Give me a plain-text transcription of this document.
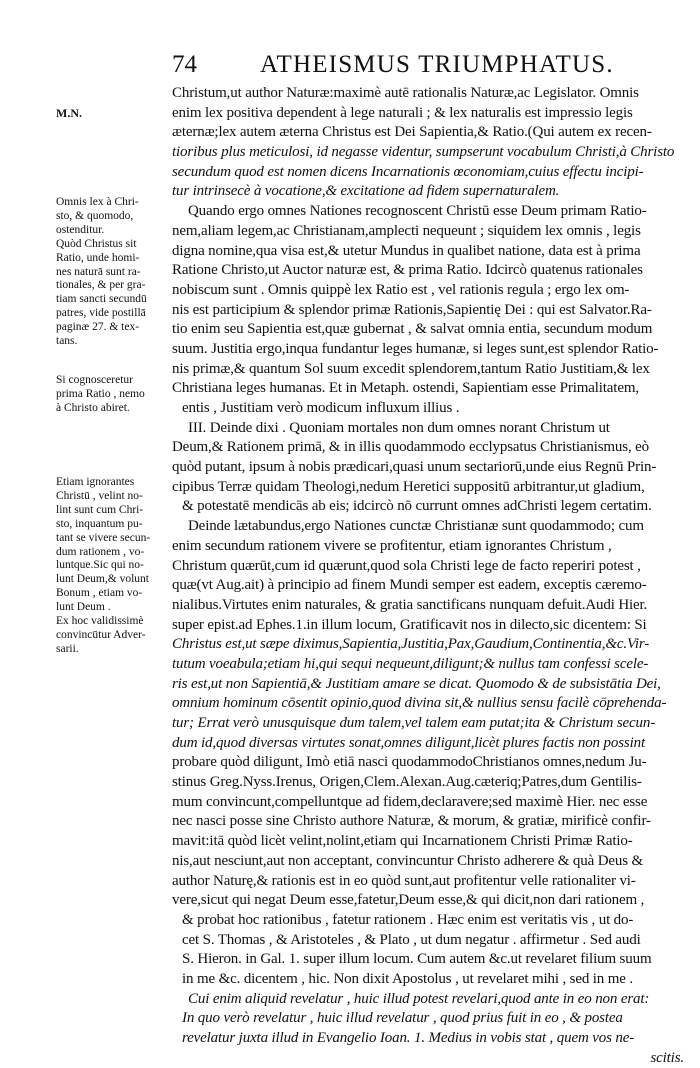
74	ATHEISMUS TRIUMPHATUS.
M.N.
Christum,ut author Naturæ:maximè autē rationalis Naturæ,ac Legislator. Omnis
enim lex positiva dependent à lege naturali ; & lex naturalis est impressio legis
æternæ;lex autem æterna Christus est Dei Sapientia,& Ratio.(Qui autem ex recen-
tioribus plus meticulosi, id negasse videntur, sumpserunt vocabulum Christi,à Christo
secundum quod est nomen dicens Incarnationis œconomiam,cuius effectu incipi-
tur intrinsecè à vocatione,& excitatione ad fidem supernaturalem.
Quando ergo omnes Nationes recognoscent Christū esse Deum primam Ratio-
nem,aliam legem,ac Christianam,amplecti nequeunt ; siquidem lex omnis , legis
digna nomine,qua visa est,& utetur Mundus in qualibet natione, data est à prima
Ratione Christo,ut Auctor naturæ est, & prima Ratio. Idcircò quatenus rationales
nobiscum sunt . Omnis quippè lex Ratio est , vel rationis regula ; ergo lex om-
nis est participium & splendor primæ Rationis,Sapientię Dei : qui est Salvator.Ra-
tio enim seu Sapientia est,quæ gubernat , & salvat omnia entia, secundum modum
suum. Justitia ergo,inqua fundantur leges humanæ, si leges sunt,est splendor Ratio-
nis primæ,& quantum Sol suum excedit splendorem,tantum Ratio Justitiam,& lex
Christiana leges humanas. Et in Metaph. ostendi, Sapientiam esse Primalitatem,
entis , Justitiam verò modicum influxum illius .
III. Deinde dixi . Quoniam mortales non dum omnes norant Christum ut
Deum,& Rationem primā, & in illis quodammodo ecclypsatus Christianismus, eò
quòd putant, ipsum à nobis prædicari,quasi unum sectariorū,unde eius Regnū Prin-
cipibus Terræ quidam Theologi,nedum Heretici suppositū arbitrantur,ut gladium,
& potestatē mendicās ab eis; idcircò nō currunt omnes adChristi legem certatim.
Deinde lætabundus,ergo Nationes cunctæ Christianæ sunt quodammodo; cum
enim secundum rationem vivere se profitentur, etiam ignorantes Christum ,
Christum quærūt,cum id quærunt,quod sola Christi lege de facto reperiri potest ,
quæ(vt Aug.ait) à principio ad finem Mundi semper est eadem, exceptis cæremo-
nialibus.Virtutes enim naturales, & gratia sanctificans nunquam defuit.Audi Hier.
super epist.ad Ephes.1.in illum locum, Gratificavit nos in dilecto,sic dicentem: Si
Christus est,ut sæpe diximus,Sapientia,Justitia,Pax,Gaudium,Continentia,&c.Vir-
tutum voeabula;etiam hi,qui sequi nequeunt,diligunt;& nullus tam confessi scele-
ris est,ut non Sapientiā,& Justitiam amare se dicat. Quomodo & de subsistātia Dei,
omnium hominum cōsentit opinio,quod divina sit,& nullius sensu facilè cōprehenda-
tur; Errat verò unusquisque dum talem,vel talem eam putat;ita & Christum secun-
dum id,quod diversas virtutes sonat,omnes diligunt,licèt plures factis non possint
probare quòd diligunt, Imò etiā nasci quodammodoChristianos omnes,nedum Ju-
stinus Greg.Nyss.Irenus, Origen,Clem.Alexan.Aug.cæteriq;Patres,dum Gentilis-
mum convincunt,compelluntque ad fidem,declaravere;sed maximè Hier. nec esse
nec nasci posse sine Christo authore Naturæ, & morum, & gratiæ, mirificè confir-
mavit:itā quòd licèt velint,nolint,etiam qui Incarnationem Christi Primæ Ratio-
nis,aut nesciunt,aut non acceptant, convincuntur Christo adherere & quà Deus &
author Naturę,& rationis est in eo quòd sunt,aut profitentur velle rationaliter vi-
vere,sicut qui negat Deum esse,fatetur,Deum esse,& qui dicit,non dari rationem ,
& probat hoc rationibus , fatetur rationem . Hæc enim est veritatis vis , ut do-
cet S. Thomas , & Aristoteles , & Plato , ut dum negatur . affirmetur . Sed audi
S. Hieron. in Gal. 1. super illum locum. Cum autem &c.ut revelaret filium suum
in me &c. dicentem , hic. Non dixit Apostolus , ut revelaret mihi , sed in me .
Cui enim aliquid revelatur , huic illud potest revelari,quod ante in eo non erat:
In quo verò revelatur , huic illud revelatur , quod prius fuit in eo , & postea
revelatur juxta illud in Evangelio Ioan. 1. Medius in vobis stat , quem vos ne-
scitis.
Omnis lex à Chri-
sto, & quomodo,
ostenditur.
Quòd Christus sit
Ratio, unde homi-
nes naturā sunt ra-
tionales, & per gra-
tiam sancti secundū
patres, vide postillā
paginæ 27. & tex-
tans.
Si cognosceretur
prima Ratio , nemo
à Christo abiret.
Etiam ignorantes
Christū , velint no-
lint sunt cum Chri-
sto, inquantum pu-
tant se vivere secun-
dum rationem , vo-
luntque.Sic qui no-
lunt Deum,& volunt
Bonum , etiam vo-
lunt Deum .
Ex hoc validissimè
convincūtur Adver-
sarii.
